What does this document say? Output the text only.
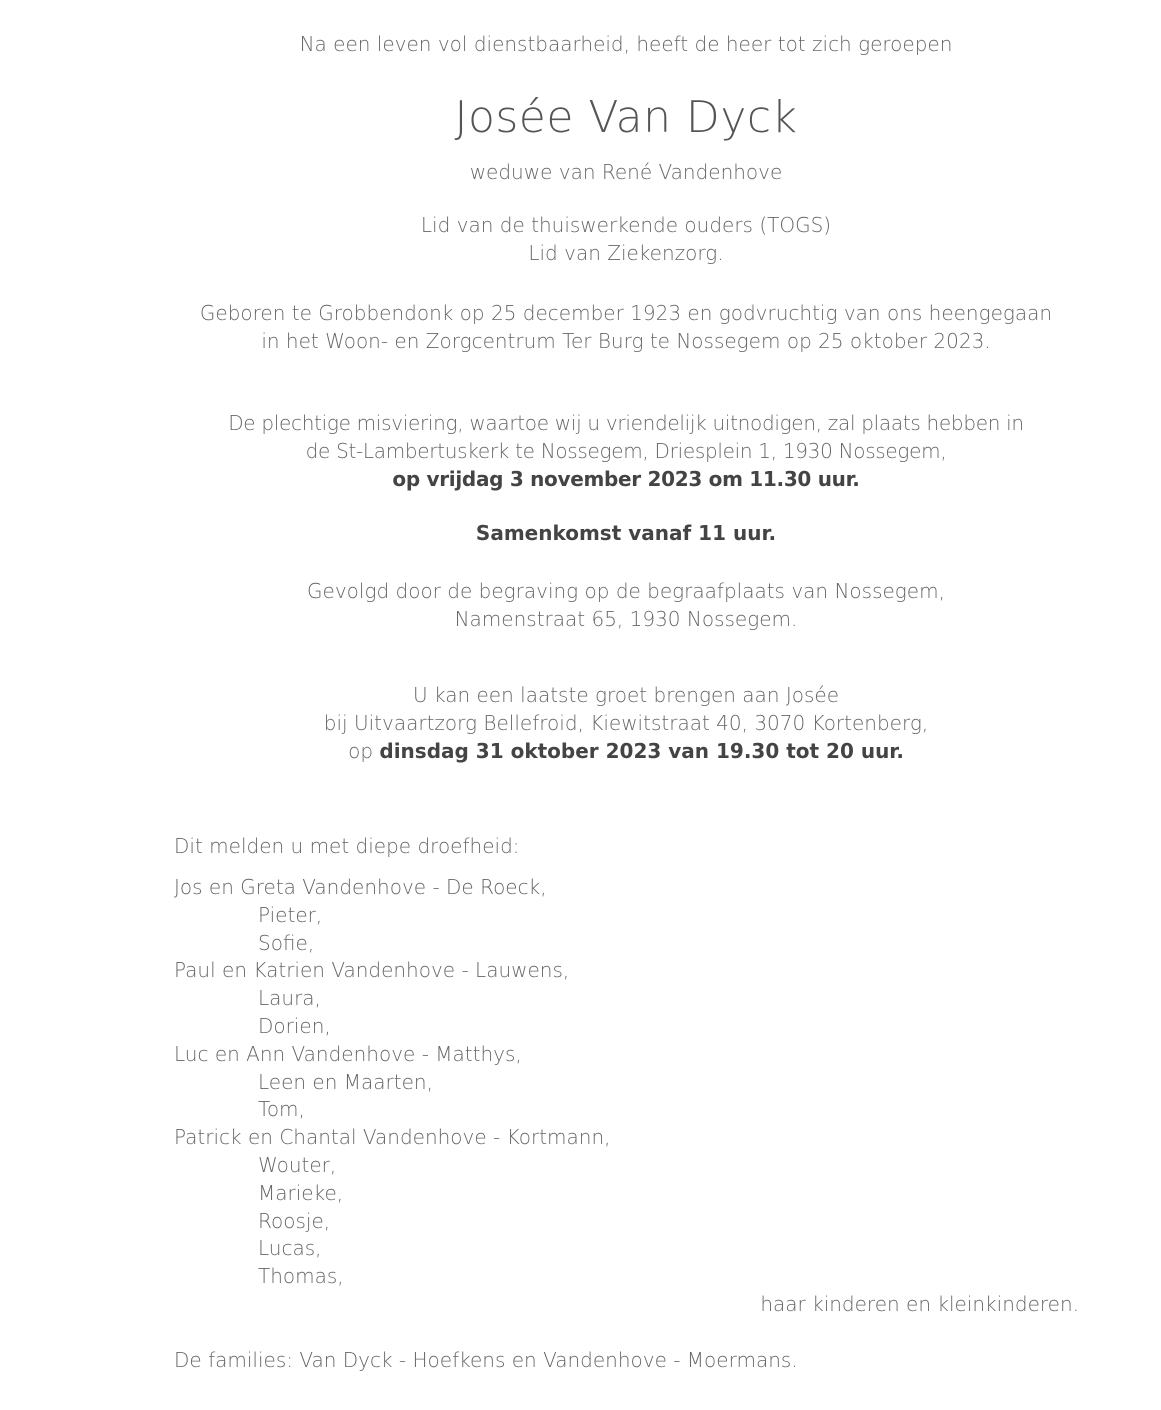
Na een leven vol dienstbaarheid, heeft de heer tot zich geroepen

Josée Van Dyck

weduwe van René Vandenhove

Lid van de thuiswerkende ouders (TOGS)
Lid van Ziekenzorg.
Geboren te Grobbendonk op 25 december 1923 en godvruchtig van ons heengegaan
in het Woon- en Zorgcentrum Ter Burg te Nossegem op 25 oktober 2023.
De plechtige misviering, waartoe wij u vriendelijk uitnodigen, zal plaats hebben in
de St-Lambertuskerk te Nossegem, Driesplein 1, 1930 Nossegem,
op vrijdag 3 november 2023 om 11.30 uur.

Samenkomst vanaf 11 uur.

Gevolgd door de begraving op de begraafplaats van Nossegem,
Namenstraat 65, 1930 Nossegem.
U kan een laatste groet brengen aan Josée
bij Uitvaartzorg Bellefroid, Kiewitstraat 40, 3070 Kortenberg,
op dinsdag 31 oktober 2023 van 19.30 tot 20 uur.

Dit melden u met diepe droefheid:

Jos en Greta Vandenhove - De Roeck,
Pieter,
Sofie,
Paul en Katrien Vandenhove - Lauwens,
Laura,
Dorien,
Luc en Ann Vandenhove - Matthys,
Leen en Maarten,
Tom,
Patrick en Chantal Vandenhove - Kortmann,
Wouter,
Marieke,
Roosje,
Lucas,
Thomas,

haar kinderen en kleinkinderen.

De families: Van Dyck - Hoefkens en Vandenhove - Moermans.
